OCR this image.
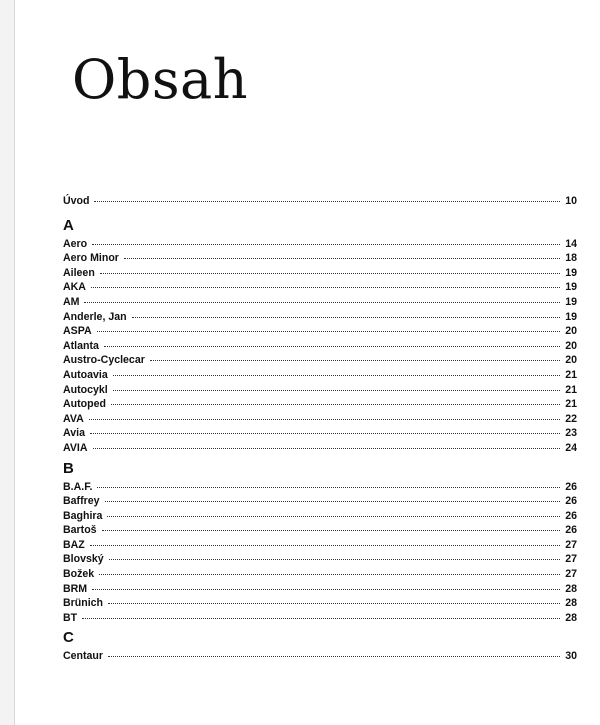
Obsah
Úvod	10
A
Aero	14
Aero Minor	18
Aileen	19
AKA	19
AM	19
Anderle, Jan	19
ASPA	20
Atlanta	20
Austro-Cyclecar	20
Autoavia	21
Autocykl	21
Autoped	21
AVA	22
Avia	23
AVIA	24
B
B.A.F.	26
Baffrey	26
Baghira	26
Bartoš	26
BAZ	27
Blovský	27
Božek	27
BRM	28
Brünich	28
BT	28
C
Centaur	30
